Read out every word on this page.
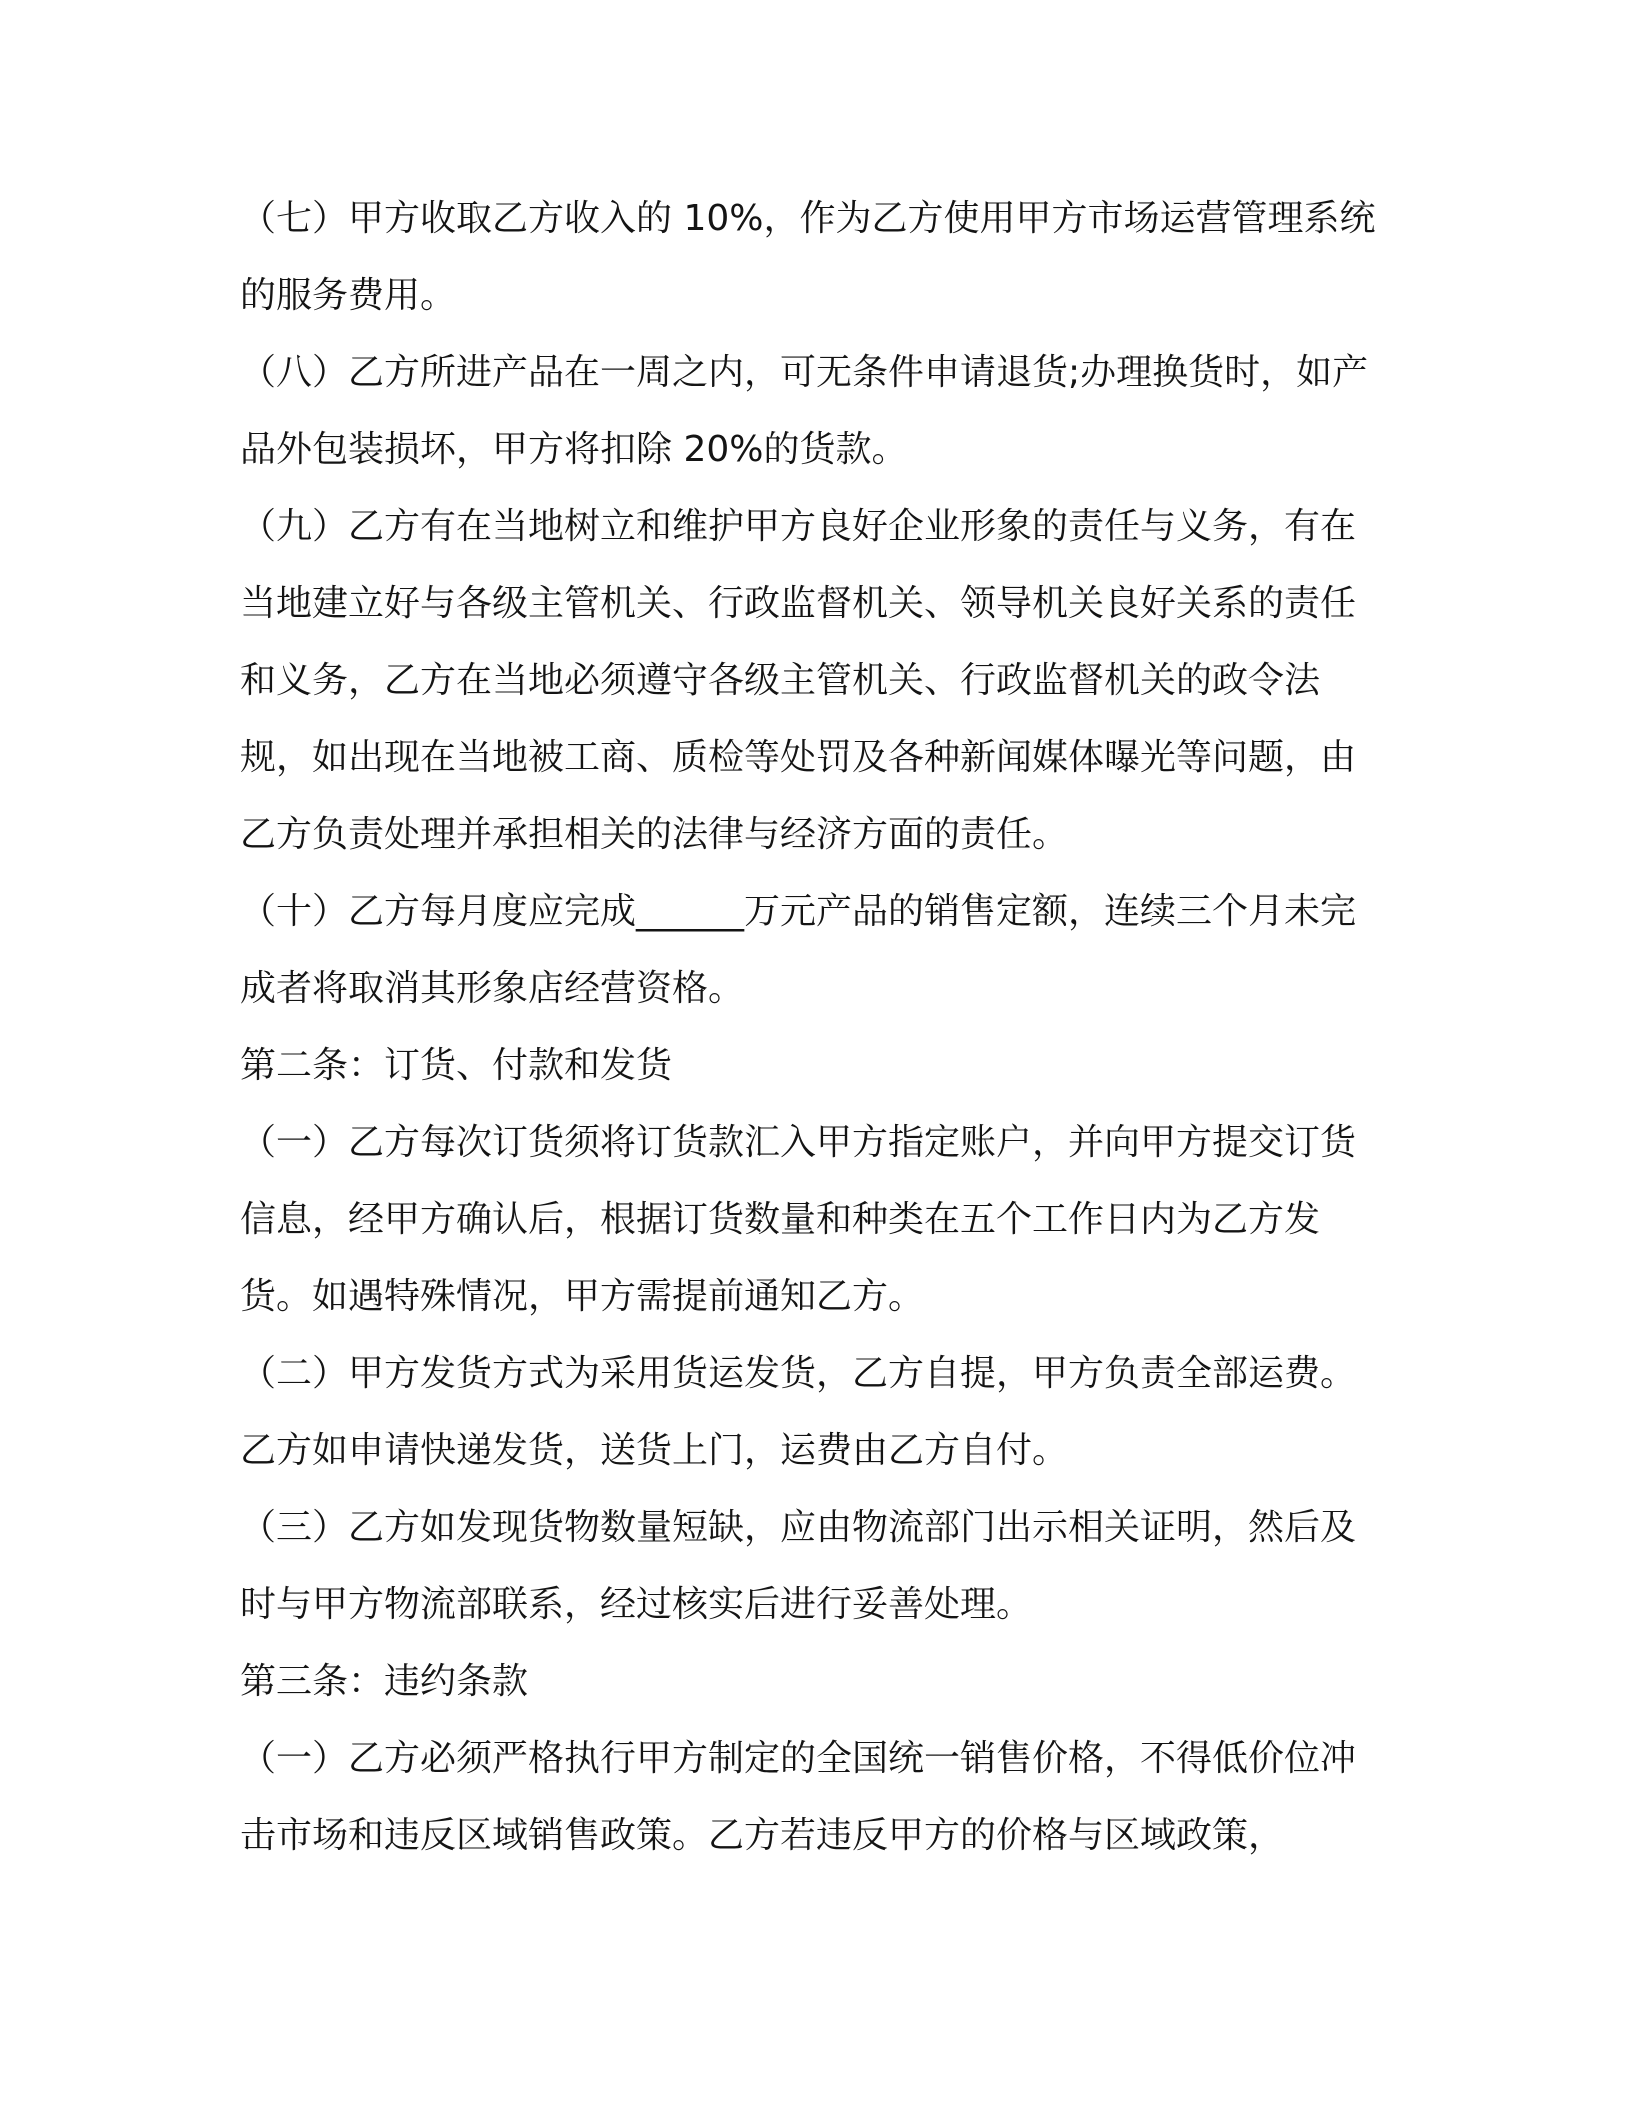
（七）甲方收取乙方收入的 10%，作为乙方使用甲方市场运营管理系统的服务费用。

（八）乙方所进产品在一周之内，可无条件申请退货;办理换货时，如产品外包装损坏，甲方将扣除 20%的货款。

（九）乙方有在当地树立和维护甲方良好企业形象的责任与义务，有在当地建立好与各级主管机关、行政监督机关、领导机关良好关系的责任和义务，乙方在当地必须遵守各级主管机关、行政监督机关的政令法规，如出现在当地被工商、质检等处罚及各种新闻媒体曝光等问题，由乙方负责处理并承担相关的法律与经济方面的责任。

（十）乙方每月度应完成______万元产品的销售定额，连续三个月未完成者将取消其形象店经营资格。

第二条：订货、付款和发货

（一）乙方每次订货须将订货款汇入甲方指定账户，并向甲方提交订货信息，经甲方确认后，根据订货数量和种类在五个工作日内为乙方发货。如遇特殊情况，甲方需提前通知乙方。

（二）甲方发货方式为采用货运发货，乙方自提，甲方负责全部运费。乙方如申请快递发货，送货上门，运费由乙方自付。

（三）乙方如发现货物数量短缺，应由物流部门出示相关证明，然后及时与甲方物流部联系，经过核实后进行妥善处理。

第三条：违约条款

（一）乙方必须严格执行甲方制定的全国统一销售价格，不得低价位冲击市场和违反区域销售政策。乙方若违反甲方的价格与区域政策，
